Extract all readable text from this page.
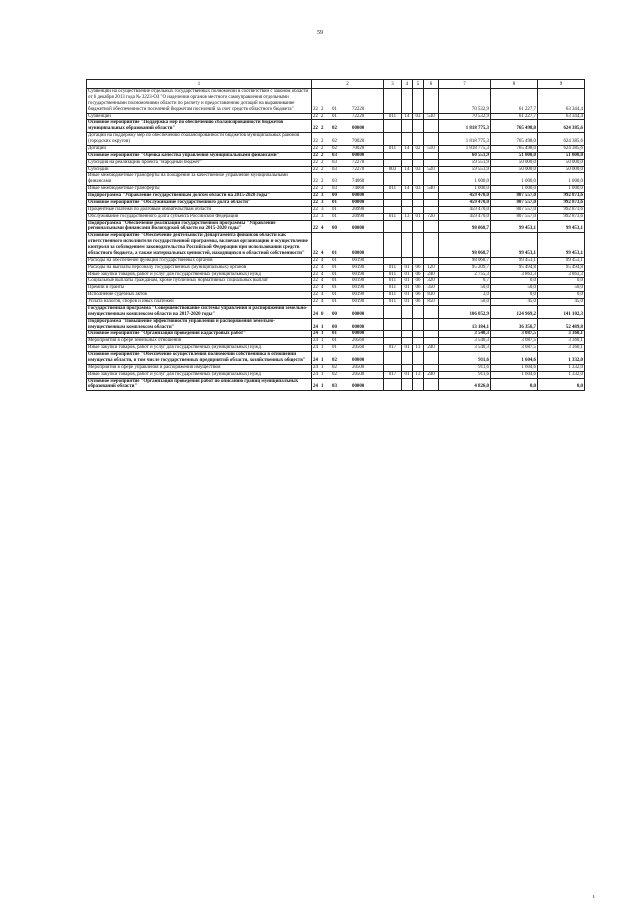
59
1	2	3	4	5	6	7	8	9
Субвенции на осуществление отдельных государственных полномочий в соответствии с законом области от 6 декабря 2013 года № 3223-ОЗ "О наделении органов местного самоуправления отдельными государственными полномочиями области по расчету и предоставлению дотаций на выравнивание бюджетной обеспеченности поселений бюджетам поселений за счет средств областного бюджета"	22 2 01 72220					70 532,9	61 227,7	63 344,4
Субвенции	22 2 01 72220	011	14	03	530	70 532,9	61 227,7	63 344,4
Основное мероприятие "Поддержка мер по обеспечению сбалансированности бюджетов муниципальных образований области"	22 2 02 00000					1 818 775,3	765 498,0	624 385,6
Дотации на поддержку мер по обеспечению сбалансированности бюджетов муниципальных районов (городских округов)	22 2 02 70020					1 818 775,3	765 498,0	624 385,6
Дотации	22 2 02 70020	011	14	02	510	1 818 775,3	765 498,0	624 385,6
Основное мероприятие "Оценка качества управления муниципальными финансами"	22 2 03 00000					60 551,9	51 000,0	51 000,0
Субсидия на реализацию проекта "Народный бюджет"	22 2 03 72270					59 551,9	50 000,0	50 000,0
Субсидии	22 2 03 72270	003	14	03	520	59 551,9	50 000,0	50 000,0
Иные межбюджетные трансферты на поощрение за качественное управление муниципальными финансами	22 2 03 74060					1 000,0	1 000,0	1 000,0
Иные межбюджетные трансферты	22 2 03 74060	011	14	03	540	1 000,0	1 000,0	1 000,0
Подпрограмма "Управление государственным долгом области на 2015-2020 годы"	22 3 00 00000					459 470,0	807 557,0	992 873,6
Основное мероприятие "Обслуживание государственного долга области"	22 3 01 00000					459 470,0	807 557,0	992 873,6
Процентные платежи по долговым обязательствам области	22 3 01 20990					459 470,0	807 557,0	992 873,6
Обслуживание государственного долга субъекта Российской Федерации	22 3 01 20990	011	13	01	720	459 470,0	807 557,0	992 873,6
Подпрограмма "Обеспечение реализации государственной программы "Управление региональными финансами Вологодской области на 2015-2020 годы"	22 4 00 00000					98 068,7	99 453,1	99 453,1
Основное мероприятие "Обеспечение деятельности Департамента финансов области как ответственного исполнителя государственной программы, включая организацию и осуществление контроля за соблюдением законодательства Российской Федерации при использовании средств областного бюджета, а также материальных ценностей, находящихся в областной собственности"	22 4 01 00000					98 068,7	99 453,1	99 453,1
Расходы на обеспечение функций государственных органов	22 4 01 00190					98 068,7	99 453,1	99 453,1
Расходы на выплаты персоналу государственных (муниципальных) органов	22 4 01 00190	011	01	06	120	95 209,7	95 494,8	95 494,8
Иные закупки товаров, работ и услуг для государственных (муниципальных) нужд	22 4 01 00190	011	01	06	240	2 755,3	3 863,3	3 863,3
Социальные выплаты гражданам, кроме публичных нормативных социальных выплат	22 4 01 00190	011	01	06	320	0,7	0,0	0,0
Премии и гранты	22 4 01 00190	011	01	06	350	50,0	50,0	50,0
Исполнение судебных актов	22 4 01 00190	011	01	06	830	3,0	0,0	0,0
Уплата налогов, сборов и иных платежей	22 4 01 00190	011	01	06	850	50,0	45,0	45,0
Государственная программа "Совершенствование системы управления и распоряжения земельно-имущественным комплексом области на 2017-2020 годы"	24 0 00 00000					106 052,9	124 969,2	141 102,3
Подпрограмма "Повышение эффективности управления и распоряжения земельно-имущественным комплексом области"	24 1 00 00000					13 184,1	36 356,7	52 489,8
Основное мероприятие "Организация проведения кадастровых работ"	24 1 01 00000					3 540,3	3 087,5	3 360,1
Мероприятия в сфере земельных отношений	24 1 01 20560					3 540,3	3 087,5	3 360,1
Иные закупки товаров, работ и услуг для государственных (муниципальных) нужд	24 1 01 20560	017	01	13	240	3 540,3	3 087,5	3 360,1
Основное мероприятие "Обеспечение осуществления полномочий собственника в отношении имущества области, в том числе государственных предприятий области, хозяйственных обществ"	24 1 02 00000					911,6	1 604,6	1 332,0
Мероприятия в сфере управления и распоряжения имуществом	24 1 02 20500					911,6	1 604,6	1 332,0
Иные закупки товаров, работ и услуг для государственных (муниципальных) нужд	24 1 02 20500	017	01	13	240	911,6	1 604,6	1 332,0
Основное мероприятие "Организация проведения работ по описанию границ муниципальных образований области"	24 1 03 00000					4 826,0	0,0	0,0
ı
